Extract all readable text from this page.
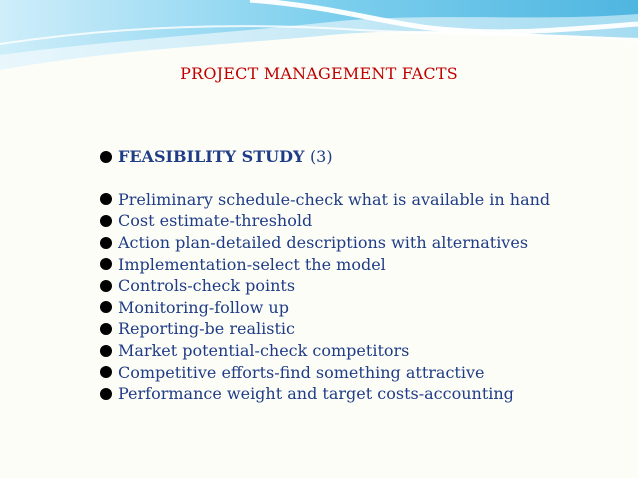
PROJECT MANAGEMENT FACTS
FEASIBILITY STUDY
(3)
Preliminary schedule-check what is available in hand
Cost estimate-threshold
Action plan-detailed descriptions with alternatives
Implementation-select the model
Controls-check points
Monitoring-follow up
Reporting-be realistic
Market potential-check competitors
Competitive efforts-find something attractive
Performance weight and target costs-accounting
